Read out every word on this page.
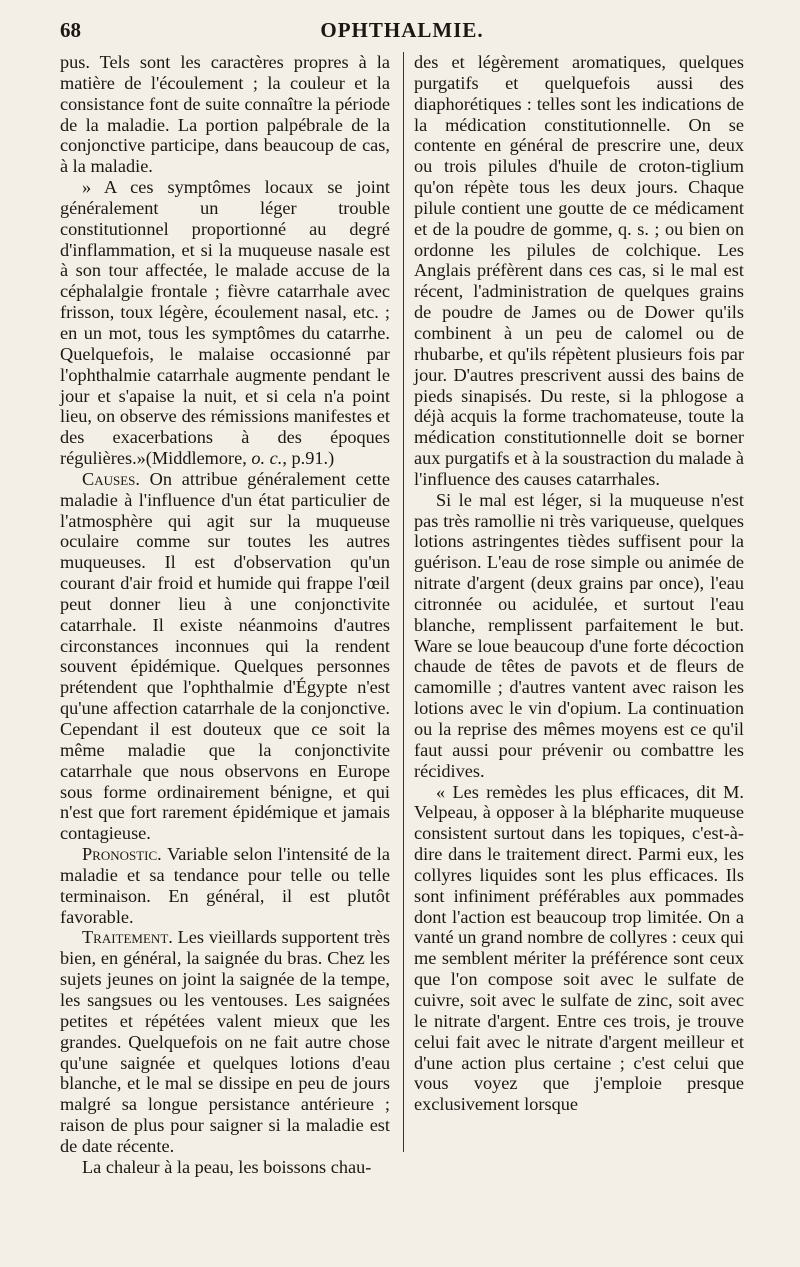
68	OPHTHALMIE.

pus. Tels sont les caractères propres à la matière de l'écoulement ; la couleur et la consistance font de suite connaître la période de la maladie. La portion palpébrale de la conjonctive participe, dans beaucoup de cas, à la maladie.

» A ces symptômes locaux se joint généralement un léger trouble constitutionnel proportionné au degré d'inflammation, et si la muqueuse nasale est à son tour affectée, le malade accuse de la céphalalgie frontale ; fièvre catarrhale avec frisson, toux légère, écoulement nasal, etc. ; en un mot, tous les symptômes du catarrhe. Quelquefois, le malaise occasionné par l'ophthalmie catarrhale augmente pendant le jour et s'apaise la nuit, et si cela n'a point lieu, on observe des rémissions manifestes et des exacerbations à des époques régulières.»(Middlemore, o. c., p.91.)

Causes. On attribue généralement cette maladie à l'influence d'un état particulier de l'atmosphère qui agit sur la muqueuse oculaire comme sur toutes les autres muqueuses. Il est d'observation qu'un courant d'air froid et humide qui frappe l'œil peut donner lieu à une conjonctivite catarrhale. Il existe néanmoins d'autres circonstances inconnues qui la rendent souvent épidémique. Quelques personnes prétendent que l'ophthalmie d'Égypte n'est qu'une affection catarrhale de la conjonctive. Cependant il est douteux que ce soit la même maladie que la conjonctivite catarrhale que nous observons en Europe sous forme ordinairement bénigne, et qui n'est que fort rarement épidémique et jamais contagieuse.

Pronostic. Variable selon l'intensité de la maladie et sa tendance pour telle ou telle terminaison. En général, il est plutôt favorable.

Traitement. Les vieillards supportent très bien, en général, la saignée du bras. Chez les sujets jeunes on joint la saignée de la tempe, les sangsues ou les ventouses. Les saignées petites et répétées valent mieux que les grandes. Quelquefois on ne fait autre chose qu'une saignée et quelques lotions d'eau blanche, et le mal se dissipe en peu de jours malgré sa longue persistance antérieure ; raison de plus pour saigner si la maladie est de date récente.

La chaleur à la peau, les boissons chau-

des et légèrement aromatiques, quelques purgatifs et quelquefois aussi des diaphorétiques : telles sont les indications de la médication constitutionnelle. On se contente en général de prescrire une, deux ou trois pilules d'huile de croton-tiglium qu'on répète tous les deux jours. Chaque pilule contient une goutte de ce médicament et de la poudre de gomme, q. s. ; ou bien on ordonne les pilules de colchique. Les Anglais préfèrent dans ces cas, si le mal est récent, l'administration de quelques grains de poudre de James ou de Dower qu'ils combinent à un peu de calomel ou de rhubarbe, et qu'ils répètent plusieurs fois par jour. D'autres prescrivent aussi des bains de pieds sinapisés. Du reste, si la phlogose a déjà acquis la forme trachomateuse, toute la médication constitutionnelle doit se borner aux purgatifs et à la soustraction du malade à l'influence des causes catarrhales.

Si le mal est léger, si la muqueuse n'est pas très ramollie ni très variqueuse, quelques lotions astringentes tièdes suffisent pour la guérison. L'eau de rose simple ou animée de nitrate d'argent (deux grains par once), l'eau citronnée ou acidulée, et surtout l'eau blanche, remplissent parfaitement le but. Ware se loue beaucoup d'une forte décoction chaude de têtes de pavots et de fleurs de camomille ; d'autres vantent avec raison les lotions avec le vin d'opium. La continuation ou la reprise des mêmes moyens est ce qu'il faut aussi pour prévenir ou combattre les récidives.

« Les remèdes les plus efficaces, dit M. Velpeau, à opposer à la blépharite muqueuse consistent surtout dans les topiques, c'est-à-dire dans le traitement direct. Parmi eux, les collyres liquides sont les plus efficaces. Ils sont infiniment préférables aux pommades dont l'action est beaucoup trop limitée. On a vanté un grand nombre de collyres : ceux qui me semblent mériter la préférence sont ceux que l'on compose soit avec le sulfate de cuivre, soit avec le sulfate de zinc, soit avec le nitrate d'argent. Entre ces trois, je trouve celui fait avec le nitrate d'argent meilleur et d'une action plus certaine ; c'est celui que vous voyez que j'emploie presque exclusivement lorsque
